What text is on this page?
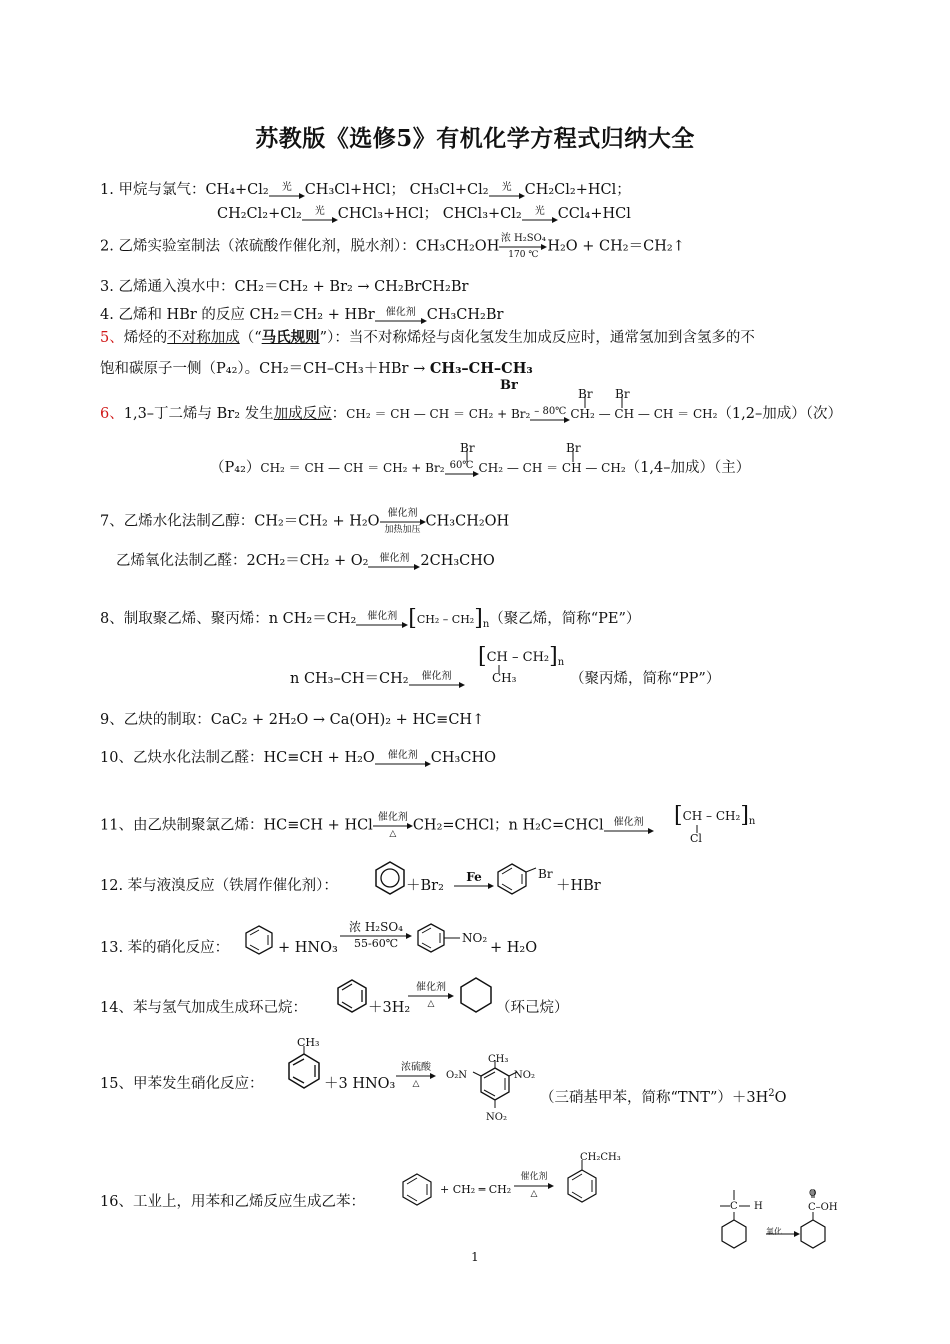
苏教版《选修5》有机化学方程式归纳大全
1. 甲烷与氯气：CH₄+Cl₂	光 CH₃Cl+HCl； CH₃Cl+Cl₂	光 CH₂Cl₂+HCl；
CH₂Cl₂+Cl₂	光 CHCl₃+HCl； CHCl₃+Cl₂	光 CCl₄+HCl
2. 乙烯实验室制法（浓硫酸作催化剂，脱水剂）：CH₃CH₂OH 浓 H₂SO₄
170 ℃
H₂O + CH₂＝CH₂↑
3. 乙烯通入溴水中：CH₂＝CH₂ + Br₂ → CH₂BrCH₂Br
4. 乙烯和 HBr 的反应 CH₂＝CH₂ + HBr	催化剂 CH₃CH₂Br
5、烯烃的不对称加成（“马氏规则”）：当不对称烯烃与卤化氢发生加成反应时，通常氢加到含氢多的不
饱和碳原子一侧（P₄₂）。CH₂＝CH–CH₃＋HBr → CH₃–CH–CH₃
Br
Br Br
6、1,3–丁二烯与 Br₂ 发生加成反应：CH₂ ＝ CH — CH ＝ CH₂ + Br₂ – 80℃ CH₂ — CH — CH ＝ CH₂（1,2–加成）（次）
Br	Br
（P₄₂）CH₂ ＝ CH — CH ＝ CH₂ + Br₂ 60℃ CH₂ — CH ＝ CH — CH₂（1,4–加成）（主）
7、乙烯水化法制乙醇：CH₂＝CH₂ + H₂O 催化剂
加热加压
CH₃CH₂OH
乙烯氧化法制乙醛：2CH₂＝CH₂ + O₂	催化剂 2CH₃CHO
8、制取聚乙烯、聚丙烯：n CH₂＝CH₂	催化剂 $[CH_2 - CH_2]_n$（聚乙烯，简称“PE”）
n CH₃–CH＝CH₂	催化剂
$[CH - CH_2]_n$
CH₃	（聚丙烯，简称“PP”）
9、乙炔的制取：CaC₂ + 2H₂O → Ca(OH)₂ + HC≡CH↑
10、乙炔水化法制乙醛：HC≡CH + H₂O	催化剂 CH₃CHO
11、由乙炔制聚氯乙烯：HC≡CH + HCl 催化剂
△
CH₂=CHCl；n H₂C=CHCl	催化剂	$[CH - CH_2]_n$
Cl
12. 苯与液溴反应（铁屑作催化剂）：	＋Br₂
Fe	Br
＋HBr
13. 苯的硝化反应：	+ HNO₃
浓 H₂SO₄
55-60℃	NO₂
+ H₂O
14、苯与氢气加成生成环己烷：	＋3H₂
催化剂
△	（环己烷）
CH₃
15、甲苯发生硝化反应：	＋3 HNO₃
浓硫酸
△
CH₃
O₂N	NO₂
NO₂
（三硝基甲苯，简称“$TNT”)+3H^2O$
16、工业上，用苯和乙烯反应生成乙苯：
+ CH₂ ═ CH₂
催化剂
△
CH₂CH₃
C H
氧化
O
C–OH
1
